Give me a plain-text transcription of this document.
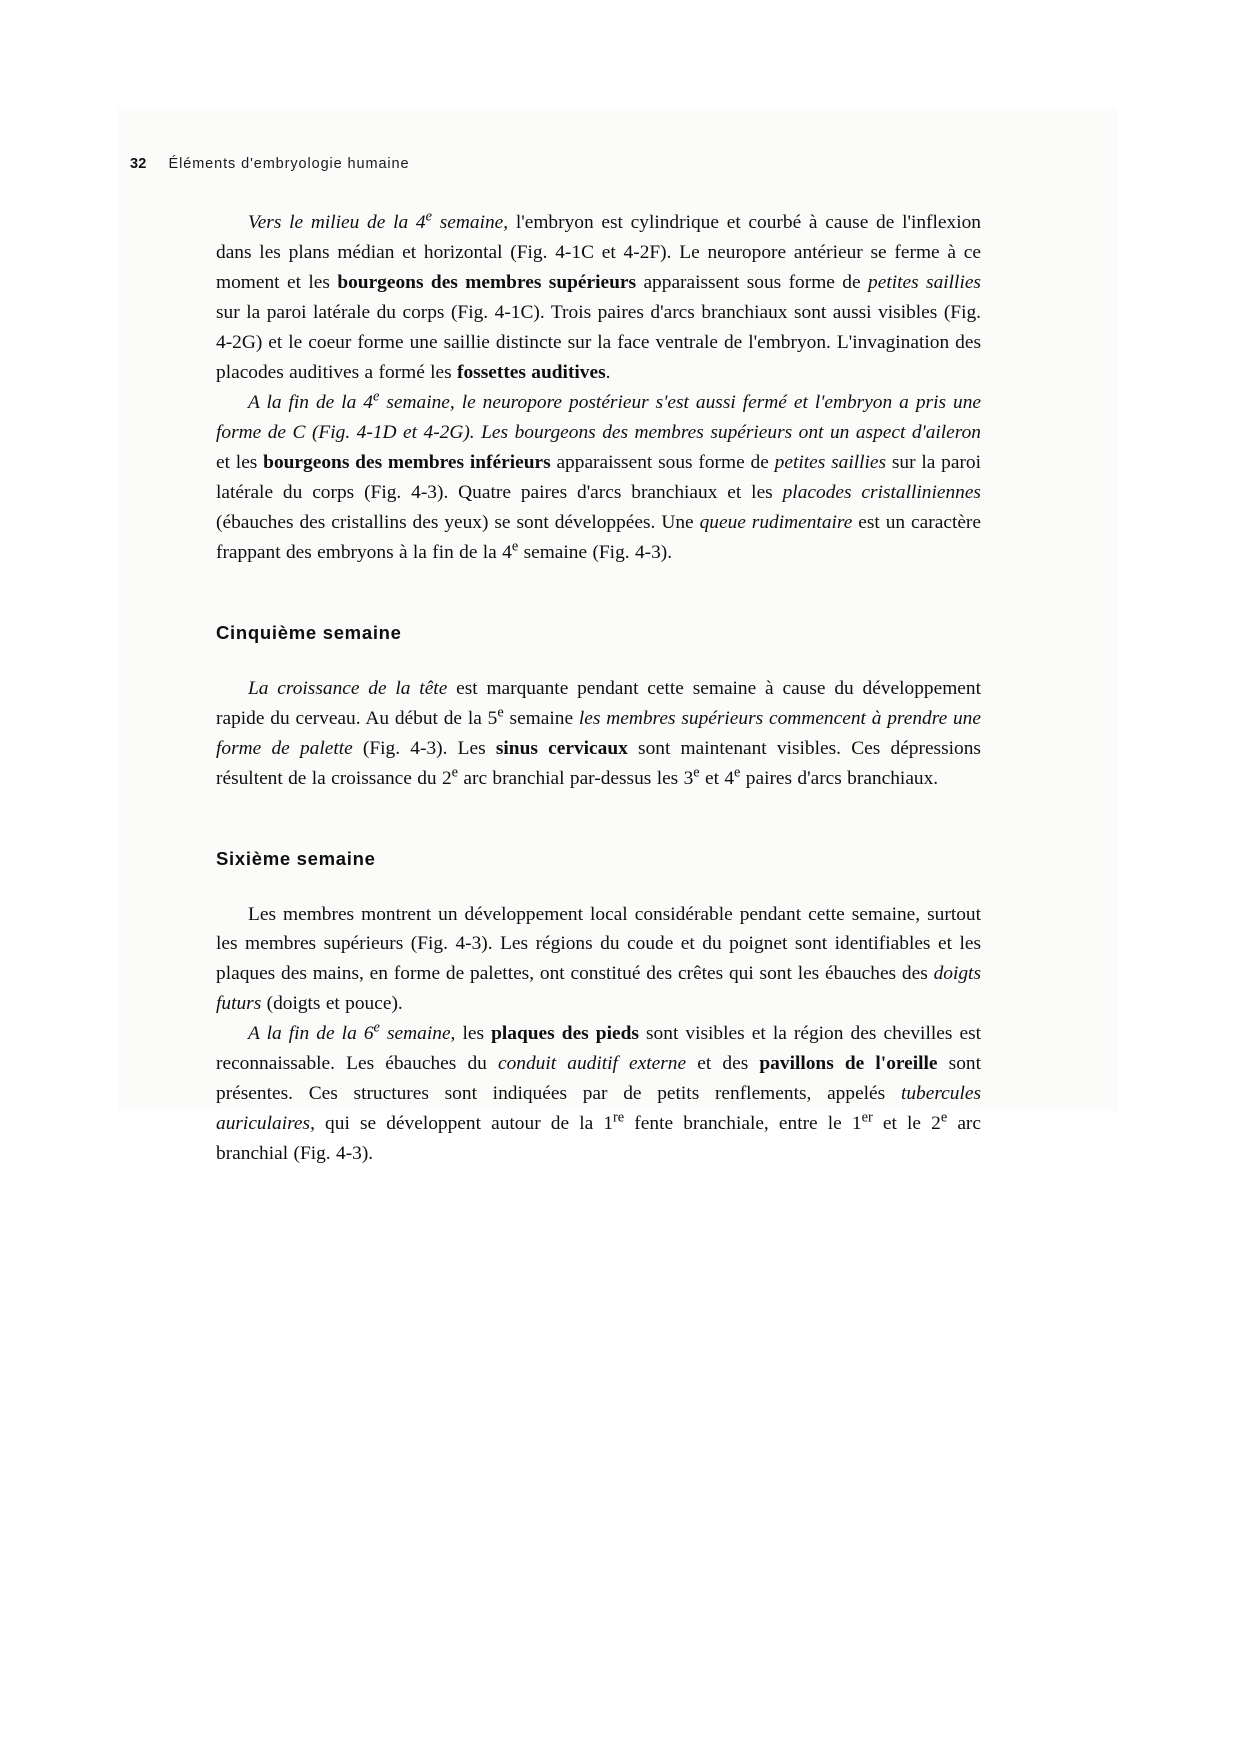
32 Éléments d'embryologie humaine

Vers le milieu de la 4e semaine, l'embryon est cylindrique et courbé à cause de l'inflexion dans les plans médian et horizontal (Fig. 4-1C et 4-2F). Le neuropore antérieur se ferme à ce moment et les bourgeons des membres supérieurs apparaissent sous forme de petites saillies sur la paroi latérale du corps (Fig. 4-1C). Trois paires d'arcs branchiaux sont aussi visibles (Fig. 4-2G) et le coeur forme une saillie distincte sur la face ventrale de l'embryon. L'invagination des placodes auditives a formé les fossettes auditives.

A la fin de la 4e semaine, le neuropore postérieur s'est aussi fermé et l'embryon a pris une forme de C (Fig. 4-1D et 4-2G). Les bourgeons des membres supérieurs ont un aspect d'aileron et les bourgeons des membres inférieurs apparaissent sous forme de petites saillies sur la paroi latérale du corps (Fig. 4-3). Quatre paires d'arcs branchiaux et les placodes cristalliniennes (ébauches des cristallins des yeux) se sont développées. Une queue rudimentaire est un caractère frappant des embryons à la fin de la 4e semaine (Fig. 4-3).

Cinquième semaine

La croissance de la tête est marquante pendant cette semaine à cause du développement rapide du cerveau. Au début de la 5e semaine les membres supérieurs commencent à prendre une forme de palette (Fig. 4-3). Les sinus cervicaux sont maintenant visibles. Ces dépressions résultent de la croissance du 2e arc branchial par-dessus les 3e et 4e paires d'arcs branchiaux.

Sixième semaine

Les membres montrent un développement local considérable pendant cette semaine, surtout les membres supérieurs (Fig. 4-3). Les régions du coude et du poignet sont identifiables et les plaques des mains, en forme de palettes, ont constitué des crêtes qui sont les ébauches des doigts futurs (doigts et pouce).

A la fin de la 6e semaine, les plaques des pieds sont visibles et la région des chevilles est reconnaissable. Les ébauches du conduit auditif externe et des pavillons de l'oreille sont présentes. Ces structures sont indiquées par de petits renflements, appelés tubercules auriculaires, qui se développent autour de la 1re fente branchiale, entre le 1er et le 2e arc branchial (Fig. 4-3).
